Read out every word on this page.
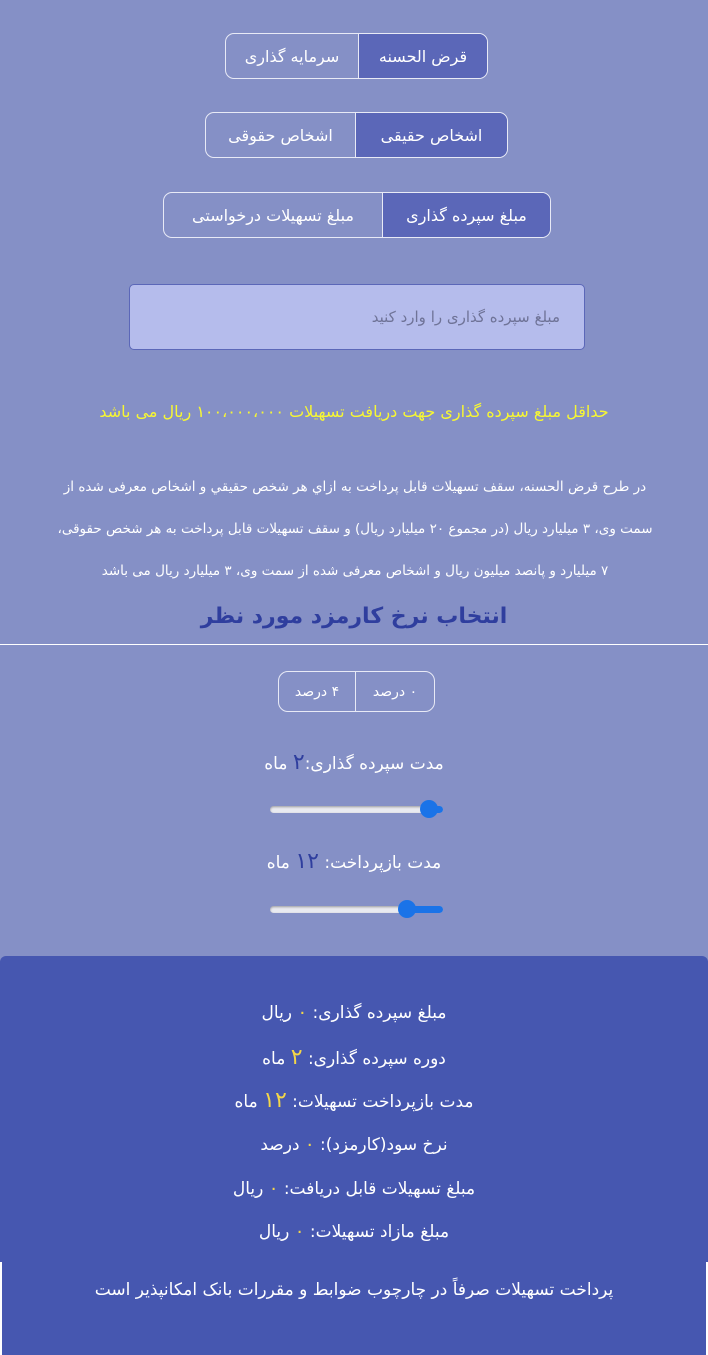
قرض الحسنه
سرمایه گذاری
اشخاص حقیقی
اشخاص حقوقی
مبلغ سپرده گذاری
مبلغ تسهیلات درخواستی
مبلغ سپرده گذاری را وارد کنید
حداقل مبلغ سپرده گذاری جهت دریافت تسهیلات ۱۰۰،۰۰۰،۰۰۰ ریال می باشد
در طرح قرض الحسنه، سقف تسهیلات قابل پرداخت به ازاي هر شخص حقيقي و اشخاص معرفی شده از
سمت وی، ۳ میلیارد ریال (در مجموع ۲۰ میلیارد ریال) و سقف تسهیلات قابل پرداخت به هر شخص حقوقی،
۷ میلیارد و پانصد میلیون ریال و اشخاص معرفی شده از سمت وی، ۳ میلیارد ریال می باشد
انتخاب نرخ کارمزد مورد نظر
۰ درصد
۴ درصد
مدت سپرده گذاری:۲ ماه
مدت بازپرداخت: ۱۲ ماه
مبلغ سپرده گذاری: ۰ ریال
دوره سپرده گذاری: ۲ ماه
مدت بازپرداخت تسهیلات: ۱۲ ماه
نرخ سود(کارمزد): ۰ درصد
مبلغ تسهیلات قابل دریافت: ۰ ریال
مبلغ مازاد تسهیلات: ۰ ریال
پرداخت تسهیلات صرفاً در چارچوب ضوابط و مقررات بانک امکانپذیر است
